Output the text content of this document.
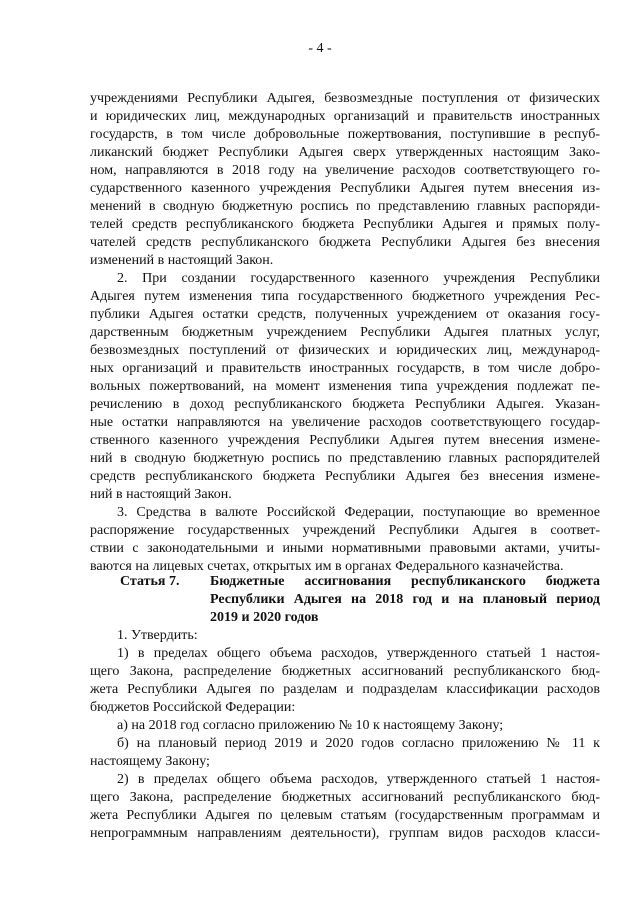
- 4 -
учреждениями Республики Адыгея, безвозмездные поступления от физических
и юридических лиц, международных организаций и правительств иностранных
государств, в том числе добровольные пожертвования, поступившие в респуб-
ликанский бюджет Республики Адыгея сверх утвержденных настоящим Зако-
ном, направляются в 2018 году на увеличение расходов соответствующего го-
сударственного казенного учреждения Республики Адыгея путем внесения из-
менений в сводную бюджетную роспись по представлению главных распоряди-
телей средств республиканского бюджета Республики Адыгея и прямых полу-
чателей средств республиканского бюджета Республики Адыгея без внесения
изменений в настоящий Закон.
2. При создании государственного казенного учреждения Республики
Адыгея путем изменения типа государственного бюджетного учреждения Рес-
публики Адыгея остатки средств, полученных учреждением от оказания госу-
дарственным бюджетным учреждением Республики Адыгея платных услуг,
безвозмездных поступлений от физических и юридических лиц, международ-
ных организаций и правительств иностранных государств, в том числе добро-
вольных пожертвований, на момент изменения типа учреждения подлежат пе-
речислению в доход республиканского бюджета Республики Адыгея. Указан-
ные остатки направляются на увеличение расходов соответствующего государ-
ственного казенного учреждения Республики Адыгея путем внесения измене-
ний в сводную бюджетную роспись по представлению главных распорядителей
средств республиканского бюджета Республики Адыгея без внесения измене-
ний в настоящий Закон.
3. Средства в валюте Российской Федерации, поступающие во временное
распоряжение государственных учреждений Республики Адыгея в соответ-
ствии с законодательными и иными нормативными правовыми актами, учиты-
ваются на лицевых счетах, открытых им в органах Федерального казначейства.
Статья 7.	Бюджетные ассигнования республиканского бюджета
Республики Адыгея на 2018 год и на плановый период
2019 и 2020 годов
1. Утвердить:
1) в пределах общего объема расходов, утвержденного статьей 1 настоя-
щего Закона, распределение бюджетных ассигнований республиканского бюд-
жета Республики Адыгея по разделам и подразделам классификации расходов
бюджетов Российской Федерации:
а) на 2018 год согласно приложению № 10 к настоящему Закону;
б) на плановый период 2019 и 2020 годов согласно приложению № 11 к
настоящему Закону;
2) в пределах общего объема расходов, утвержденного статьей 1 настоя-
щего Закона, распределение бюджетных ассигнований республиканского бюд-
жета Республики Адыгея по целевым статьям (государственным программам и
непрограммным направлениям деятельности), группам видов расходов класси-
